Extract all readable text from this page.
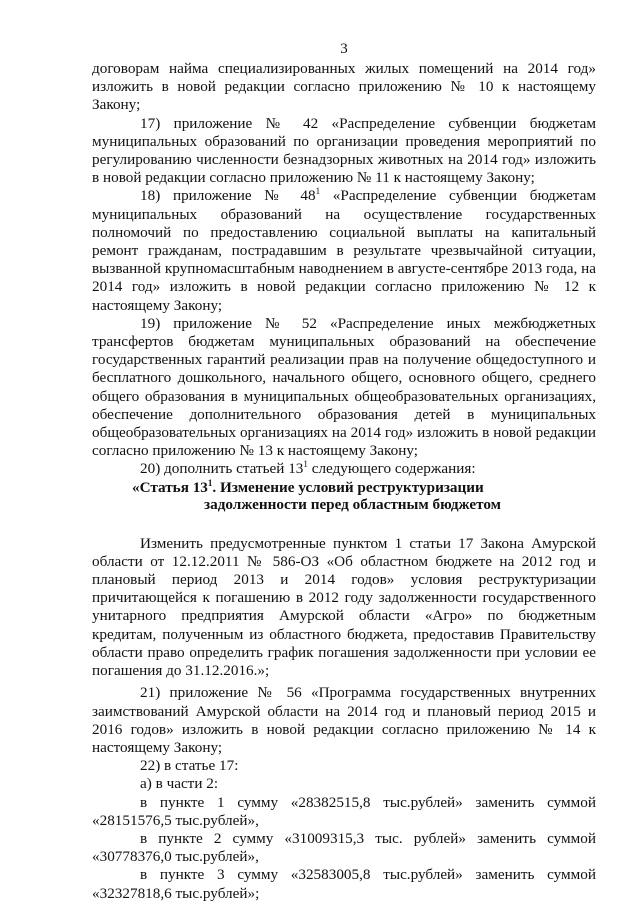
3

договорам найма специализированных жилых помещений на 2014 год» изложить в новой редакции согласно приложению № 10 к настоящему Закону;

17) приложение № 42 «Распределение субвенции бюджетам муниципальных образований по организации проведения мероприятий по регулированию численности безнадзорных животных на 2014 год» изложить в новой редакции согласно приложению № 11 к настоящему Закону;

18) приложение № $48^1$ «Распределение субвенции бюджетам муниципальных образований на осуществление государственных полномочий по предоставлению социальной выплаты на капитальный ремонт гражданам, пострадавшим в результате чрезвычайной ситуации, вызванной крупномасштабным наводнением в августе-сентябре 2013 года, на 2014 год» изложить в новой редакции согласно приложению № 12 к настоящему Закону;

19) приложение № 52 «Распределение иных межбюджетных трансфертов бюджетам муниципальных образований на обеспечение государственных гарантий реализации прав на получение общедоступного и бесплатного дошкольного, начального общего, основного общего, среднего общего образования в муниципальных общеобразовательных организациях, обеспечение дополнительного образования детей в муниципальных общеобразовательных организациях на 2014 год» изложить в новой редакции согласно приложению № 13 к настоящему Закону;

20) дополнить статьей $13^1$ следующего содержания:

«Статья $13^1$. Изменение условий реструктуризации

задолженности перед областным бюджетом

Изменить предусмотренные пунктом 1 статьи 17 Закона Амурской области от 12.12.2011 № 586-ОЗ «Об областном бюджете на 2012 год и плановый период 2013 и 2014 годов» условия реструктуризации причитающейся к погашению в 2012 году задолженности государственного унитарного предприятия Амурской области «Агро» по бюджетным кредитам, полученным из областного бюджета, предоставив Правительству области право определить график погашения задолженности при условии ее погашения до 31.12.2016.»;

21) приложение № 56 «Программа государственных внутренних заимствований Амурской области на 2014 год и плановый период 2015 и 2016 годов» изложить в новой редакции согласно приложению № 14 к настоящему Закону;

22) в статье 17:

а) в части 2:

в пункте 1 сумму «28382515,8 тыс.рублей» заменить суммой «28151576,5 тыс.рублей»,

в пункте 2 сумму «31009315,3 тыс. рублей» заменить суммой «30778376,0 тыс.рублей»,

в пункте 3 сумму «32583005,8 тыс.рублей» заменить суммой «32327818,6 тыс.рублей»;
